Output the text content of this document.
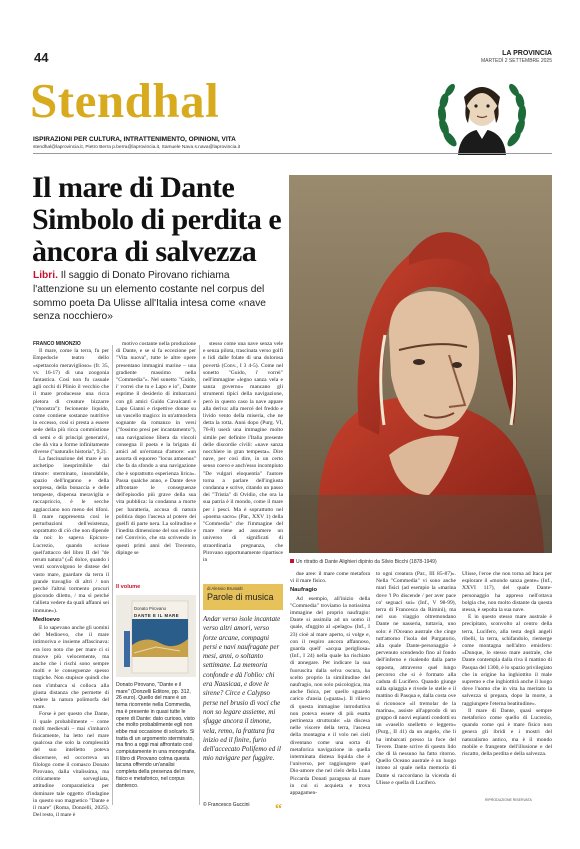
44	LA PROVINCIA
MARTEDÌ 2 SETTEMBRE 2025
Stendhal
ISPIRAZIONI PER CULTURA, INTRATTENIMENTO, OPINIONI, VITA
stendhal@laprovincia.it, Pietro Berra p.berra@laprovincia.it, Samuele Nava s.nava@laprovincia.it
Il mare di Dante Simbolo di perdita e àncora di salvezza
Libri. Il saggio di Donato Pirovano richiama l'attenzione su un elemento costante nel corpus del sommo poeta Da Ulisse all'Italia intesa come «nave senza nocchiero»
Un ritratto di Dante Alighieri dipinto da Silvio Bicchi (1878-1949)

FRANCO MINONZIO

Il mare, come la terra, fu per Empedocle teatro dello «spettacolo meraviglioso» (fr. 35, vv. 16-17) di una zoogonia fantastica. Così non fu casuale agli occhi di Plinio il vecchio che il mare producesse una ricca pletora di creature bizzarre ("monstra"): fecionente liquido, come contiene sostanze nutritive in eccesso, così si presta a essere sede della più ricca commistione di semi e di principi generativi, che dà vita a forme infinitamente diverse ("naturalis historia", 9,2).

La fascinazione del mare è un archetipo inesprimibile dal timore: sterminato, insondabile, spazio dell'inganno e della sorpresa, della bonaccia e delle tempeste, dispensa meraviglia e raccapriccio, è le secche aggiacciano non meno dei tifoni. Il mare rappresenta così le perturbazioni dell'esistenza, soprattutto di ciò che non dipende da noi: lo sapeva Epicuro-Lucrezio, quando scrisse quell'attacco del libro II del "de rerum natura" («È dolce, quando i venti sconvolgono le distese del vasto mare, guardare da terra il grande travaglio di altri / non perché l'altrui tormento procuri giocondo diletto, / ma sì perché t'allieta vedere da quali affanni sei immune»).

Medioevo

E lo sapevano anche gli uomini del Medioevo, che il mare intimoriva e insieme affascinava: era loro noto che per mare ci si muove più velocemente, ma anche che i rischi sono sempre molti e le conseguenze spesso tragiche. Non stupisce quindi che non s'imbarca si colloca alla giusta distanza che permette di vedere la natura polimorfa del mare.

Forse è per questo che Dante, il quale probabilmente – come molti medievali – mai s'imbarcò fisicamente, ha letto nel mare qualcosa che solo la complessità del suo intelletto poteva discernere, ed occorreva un filologo come il comasco Donato Pirovano, dalla vitalissima, ma criticamente sorvegliata, attitudine comparatistica per dominare tale oggetto d'indagine in questo suo magnetico "Dante e il mare" (Roma, Donzelli, 2025). Del resto, il mare è

motivo costante nella produzione di Dante, e se si fa eccezione per "Vita nuova", tutte le altre opere presentano immagini marine – una gradiente massimo nella "Commedia"». Nel sonetto "Guido, i' vorrei che tu e Lapo e io", Dante esprime il desiderio di imbarcarsi con gli amici Guido Cavalcanti e Lapo Gianni e rispettive donne su un vascello magico: in un'atmosfera sognante da romanzo in versi ("fossimo presi per incantamento"), una navigazione libera da vincoli consegna il poeta e la brigata di amici ad un'erranza d'amore: «un assorta di equoreo "locus amoenus" che fa da sfondo a una navigazione che è soprattutto esperienza lirica». Passa qualche anno, e Dante deve affrontare le conseguenze dell'episodio più grave della sua vita pubblica: la condanna a morte per baratteria, accusa di natura politica dopo l'ascesa al potere dei guelfi di parte nera. La solitudine e l'inedita dimensione del suo esilio e nel Convivio, che sta scrivendo in questi primi anni del Trecento, dipinge se

stesso come una nave senza vele e senza pilota, trascinata verso golfi e lidi dalle folate di una dolorosa povertà (Conv., I 3 4-5). Come nel sonetto "Guido, i' vorrei" nell'immagine «legno sanza vela e sanza governo» mancano gli strumenti tipici della navigazione, però in questo caso la nave appare alla deriva: alla mercé del freddo e livido vento della miseria, che ne detta la rotta. Anni dopo (Purg. VI, 76-8) userà una immagine molto simile per definire l'Italia presente delle discordie civili: «nave sanza nocchiere in gran tempesta». Dire nave, per così dire, in un certo senso coevo e anch'esso incompiuto "De vulgari eloquentia" l'autore torna a parlare dell'ingiusta condanna e scrive, citando un passo dei "Tristia" di Ovidio, che ora la sua patria è il mondo, come il mare per i pesci. Ma è soprattutto nel «poema sacro» (Par., XXV 1) della "Commedia" che l'immagine del mare viene ad assumere un universo di significati di straordinaria pregnanza, che Pirovano opportunamente ripartisce in

Il volume
Donato Pirovano
DANTE E IL MARE
Donato Pirovano, "Dante e il mare" (Donzelli Editore, pp. 312, 26 euro). Quello del mare è un tema ricorrente nella Commedia, ma è presente in quasi tutte le opere di Dante: dato curioso, visto che molto probabilmente egli non ebbe mai occasione di solcarlo. Si tratta di un argomento sterminato, ma fino a oggi mai affrontato così compiutamente in una monografia. Il libro di Pirovano colma questa lacuna offrendo un'analisi completa della presenza del mare, fisico e metaforico, nel corpus dantesco.
di Alessio Brunialti
Parole di musica
Andar verso isole incantate verso altri amori, verso forze arcane, compagni persi e navi naufragate per mesi, anni, o soltanto settimane. La memoria confonde e dà l'oblio: chi era Nausicaa, e dove le sirene? Circe e Calypso perse nel brusio di voci che non so legare assieme, mi sfugge ancora il timone, vela, remo, la frattura fra inizio ed il finire, furio dell'accecato Polifemo ed il mio navigare per fuggire.
© Francesco Guccini “

due aree: il mare come metafora vi il mare fisico.

Naufragio

Ad esempio, all'inizio della "Commedia" troviamo la notissima immagine del proprio naufragio: Dante si assimila ad un uomo il quale, sfuggito al «pelago» (Inf., I 23) cioè al mare aperto, si volge e, con il respiro ancora affannoso, guarda quell' «acqua perigliosa» (Inf., I 24) nella quale ha rischiato di annegare. Per indicare la sua fuoruscita dalla selva oscura, ha scelto proprio la similitudine del naufragio, non solo psicologica, ma anche fisica, per quello sguardo carico d'ansia («guata»). Il rilievo di questa immagine introduttiva non poteva essere di più esatta pertinenza strutturale: «la discesa nelle viscere della terra, l'ascesa della montagna e il volo nei cieli diventano come una sorta di metaforica navigazione in quella interminata distesa liquida che è l'universo, per raggiungere quel Dio-amore che nel cielo della Luna Piccarda Donati paragona al mare in cui si acquieta e trova appagamen-

to ogni creatura (Par., III 85-87)». Nella "Commedia" vi sono anche mari fisici (ad esempio la «marina dove 'l Po discende / per aver pace co' seguaci sui» (Inf., V 98-99), terra di Francesca da Rimini), ma nel suo viaggio oltremondano Dante ne nasseria, tuttavia, uno solo: è l'Oceano australe che cinge tutt'attorno l'isola del Purgatorio, alla quale Dante-personaggio è pervenuto scendendo fino al fondo dell'inferno e risalendo dalla parte opposta, attraverso quel lungo percorso che si è formato alla caduta di Lucifero. Quando giunge sulla spiaggia e rivede le stelle e il mattino di Pasqua e, dalla costa ove si riconosce «il tremolar de la marina», assiste all'approdo di un gruppo di nuovi espianti condotti su un «vasello snelletto e leggero» (Purg., II 41) da un angelo, che li ha imbarcati presso la foce del Tevere. Dante scrive di questo lido che di là nessuno ha fatto ritorno. Quello Oceano australe è un luogo intono al quale nella memoria di Dante si raccordano la vicenda di Ulisse e quella di Lucifero.

Ulisse, l'eroe che non torna ad Itaca per esplorare il «mondo sanza gente» (Inf., XXVI 117), del quale Dante-personaggio ha appreso nell'ottava bolgia che, non molto distante da questa stessa, è sepolta la sua nave.

E in questo stesso mare australe è precipitato, sconvolto al centro della terra, Lucifero, alla testa degli angeli ribelli, la terra, schifandolo, riemerge come montagna nell'altro emisfero: «Dunque, lo stesso mare australe, che Dante contempla dalla riva il mattino di Pasqua del 1300, è lo spazio privilegiato che in origine ha inghiottito il male supremo e che inghiottirà anche il luogo dove l'uomo che in vita ha meritato la salvezza si prepara, dopo la morte, a raggiungere l'eterna beatitudine».

Il mare di Dante, quasi sempre metaforico come quello di Lucrezio, quando come qui è mare fisico non genera gli ibridi e i mostri del naturalismo antico, ma è il mondo mobile e frangente dell'illusione e del riscatto, della perdita e della salvezza.

RIPRODUZIONE RISERVATA
